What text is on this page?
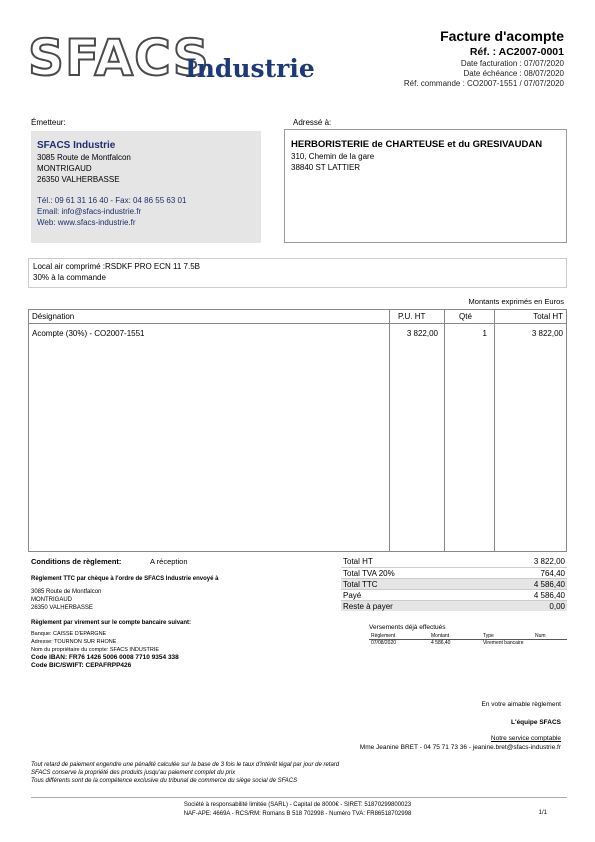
SFACS
Industrie
Facture d'acompte
Réf. : AC2007-0001
Date facturation : 07/07/2020
Date échéance : 08/07/2020
Réf. commande : CO2007-1551 / 07/07/2020
Émetteur:
SFACS Industrie
3085 Route de Montfalcon
MONTRIGAUD
26350 VALHERBASSE
Tél.: 09 61 31 16 40 - Fax: 04 86 55 63 01
Email: info@sfacs-industrie.fr
Web: www.sfacs-industrie.fr
Adressé à:
HERBORISTERIE de CHARTEUSE et du GRESIVAUDAN
310, Chemin de la gare
38840 ST LATTIER
Local air comprimé :RSDKF PRO ECN 11 7.5B
30% à la commande
Montants exprimés en Euros
Désignation	P.U. HT	Qté	Total HT
Acompte (30%) - CO2007-1551	3 822,00	1	3 822,00
Conditions de règlement:	A réception
Règlement TTC par chèque à l'ordre de SFACS Industrie envoyé à
3085 Route de Montfalcon
MONTRIGAUD
26350 VALHERBASSE
Règlement par virement sur le compte bancaire suivant:
Banque: CAISSE D'EPARGNE
Adresse: TOURNON SUR RHONE
Nom du propriétaire du compte: SFACS INDUSTRIE
Code IBAN: FR76 1426 5006 0008 7710 9354 338
Code BIC/SWIFT: CEPAFRPP426
Total HT	3 822,00
Total TVA 20%	764,40
Total TTC	4 586,40
Payé	4 586,40
Reste à payer	0,00
Versements déjà effectués
Règlement	Montant	Type	Num
07/08/2020	4 586,40	Virement bancaire
En votre aimable règlement
L'équipe SFACS
Notre service comptable
Mme Jeanine BRET - 04 75 71 73 36 - jeanine.bret@sfacs-industrie.fr
Tout retard de paiement engendre une pénalité calculée sur la base de 3 fois le taux d'intérêt légal par jour de retard
SFACS conserve la propriété des produits jusqu'au paiement complet du prix
Tous différents sont de la compétence exclusive du tribunal de commerce du siège social de SFACS
Société à responsabilité limitée (SARL) - Capital de 8000€ - SIRET: 51870299800023
NAF-APE: 4669A - RCS/RM: Romans B 518 702998 - Numéro TVA: FR86518702998	1/1
